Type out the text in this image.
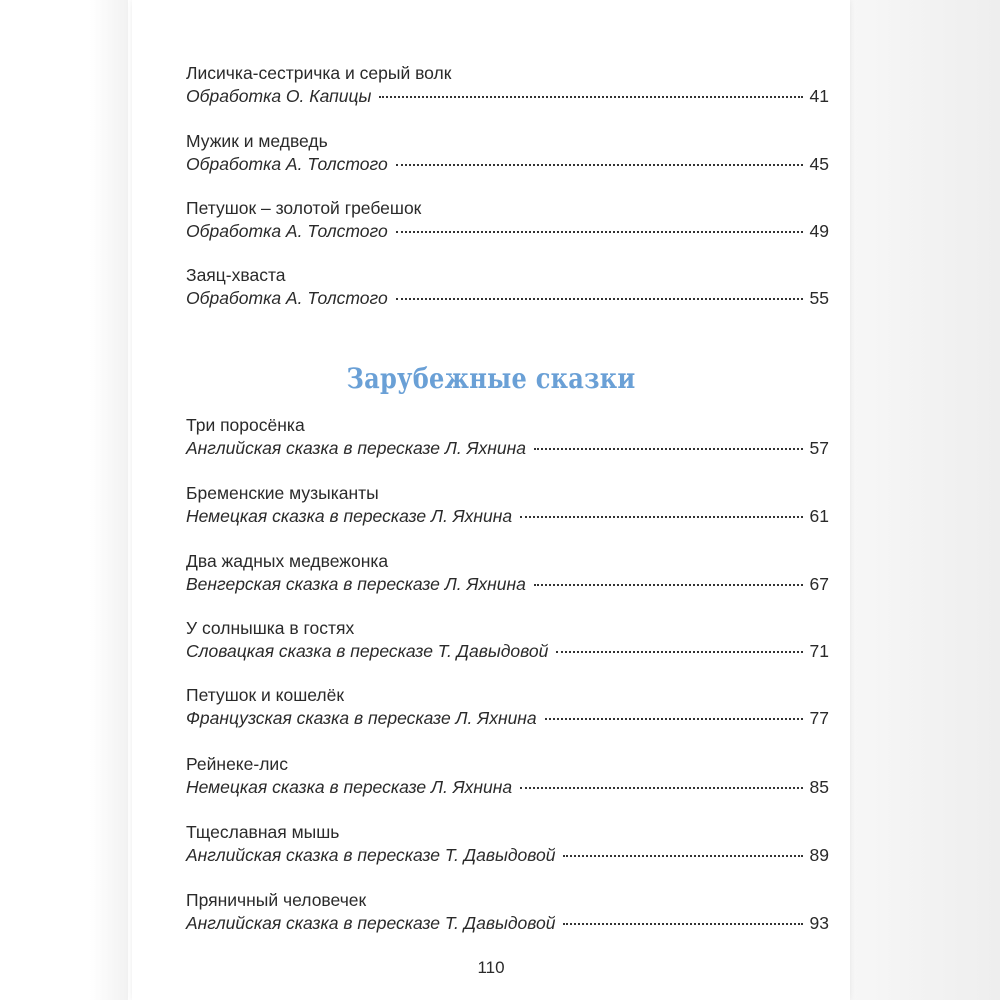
Лисичка-сестричка и серый волк
Обработка О. Капицы	41
Мужик и медведь
Обработка А. Толстого	45
Петушок – золотой гребешок
Обработка А. Толстого	49
Заяц-хваста
Обработка А. Толстого	55
Зарубежные сказки
Три поросёнка
Английская сказка в пересказе Л. Яхнина	57
Бременские музыканты
Немецкая сказка в пересказе Л. Яхнина	61
Два жадных медвежонка
Венгерская сказка в пересказе Л. Яхнина	67
У солнышка в гостях
Словацкая сказка в пересказе Т. Давыдовой	71
Петушок и кошелёк
Французская сказка в пересказе Л. Яхнина	77
Рейнеке-лис
Немецкая сказка в пересказе Л. Яхнина	85
Тщеславная мышь
Английская сказка в пересказе Т. Давыдовой	89
Пряничный человечек
Английская сказка в пересказе Т. Давыдовой	93
110
